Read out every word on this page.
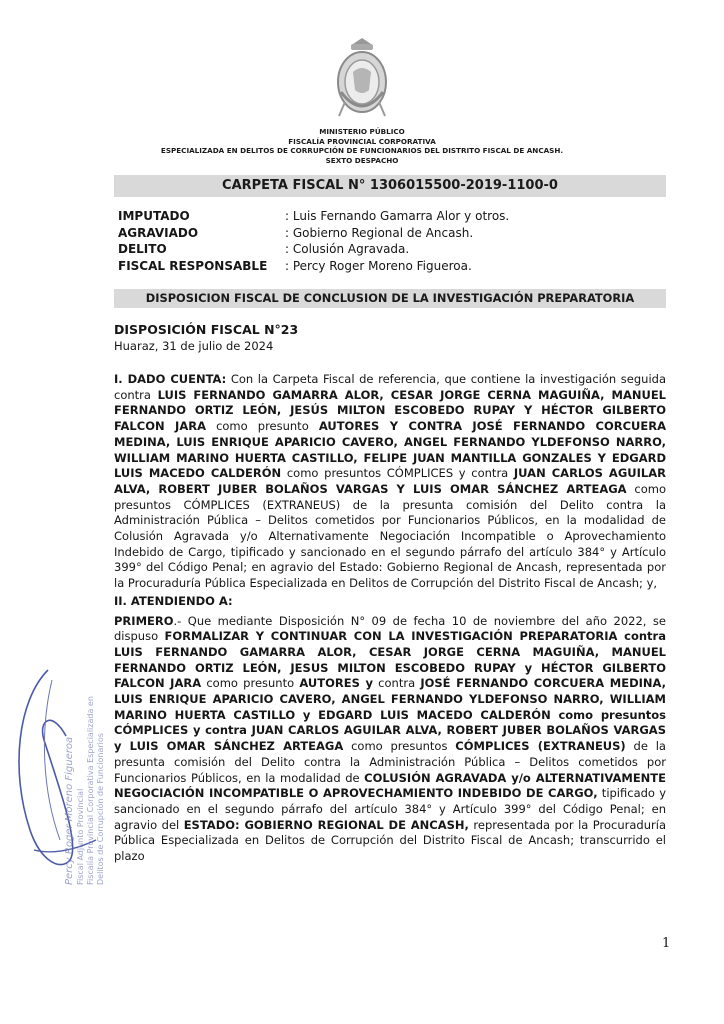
MINISTERIO PÚBLICO
FISCALÍA PROVINCIAL CORPORATIVA
ESPECIALIZADA EN DELITOS DE CORRUPCIÓN DE FUNCIONARIOS DEL DISTRITO FISCAL DE ANCASH.
SEXTO DESPACHO
CARPETA FISCAL N° 1306015500-2019-1100-0
IMPUTADO	: Luis Fernando Gamarra Alor y otros.
AGRAVIADO	: Gobierno Regional de Ancash.
DELITO	: Colusión Agravada.
FISCAL RESPONSABLE : Percy Roger Moreno Figueroa.
DISPOSICION FISCAL DE CONCLUSION DE LA INVESTIGACIÓN PREPARATORIA
DISPOSICIÓN FISCAL N°23
Huaraz, 31 de julio de 2024

I. DADO CUENTA: Con la Carpeta Fiscal de referencia, que contiene la investigación seguida contra LUIS FERNANDO GAMARRA ALOR, CESAR JORGE CERNA MAGUIÑA, MANUEL FERNANDO ORTIZ LEÓN, JESÚS MILTON ESCOBEDO RUPAY Y HÉCTOR GILBERTO FALCON JARA como presunto AUTORES Y CONTRA JOSÉ FERNANDO CORCUERA MEDINA, LUIS ENRIQUE APARICIO CAVERO, ANGEL FERNANDO YLDEFONSO NARRO, WILLIAM MARINO HUERTA CASTILLO, FELIPE JUAN MANTILLA GONZALES Y EDGARD LUIS MACEDO CALDERÓN como presuntos CÓMPLICES y contra JUAN CARLOS AGUILAR ALVA, ROBERT JUBER BOLAÑOS VARGAS Y LUIS OMAR SÁNCHEZ ARTEAGA como presuntos CÓMPLICES (EXTRANEUS) de la presunta comisión del Delito contra la Administración Pública – Delitos cometidos por Funcionarios Públicos, en la modalidad de Colusión Agravada y/o Alternativamente Negociación Incompatible o Aprovechamiento Indebido de Cargo, tipificado y sancionado en el segundo párrafo del artículo 384° y Artículo 399° del Código Penal; en agravio del Estado: Gobierno Regional de Ancash, representada por la Procuraduría Pública Especializada en Delitos de Corrupción del Distrito Fiscal de Ancash; y,

II. ATENDIENDO A:

PRIMERO.- Que mediante Disposición N° 09 de fecha 10 de noviembre del año 2022, se dispuso FORMALIZAR Y CONTINUAR CON LA INVESTIGACIÓN PREPARATORIA contra LUIS FERNANDO GAMARRA ALOR, CESAR JORGE CERNA MAGUIÑA, MANUEL FERNANDO ORTIZ LEÓN, JESUS MILTON ESCOBEDO RUPAY y HÉCTOR GILBERTO FALCON JARA como presunto AUTORES y contra JOSÉ FERNANDO CORCUERA MEDINA, LUIS ENRIQUE APARICIO CAVERO, ANGEL FERNANDO YLDEFONSO NARRO, WILLIAM MARINO HUERTA CASTILLO y EDGARD LUIS MACEDO CALDERÓN como presuntos CÓMPLICES y contra JUAN CARLOS AGUILAR ALVA, ROBERT JUBER BOLAÑOS VARGAS y LUIS OMAR SÁNCHEZ ARTEAGA como presuntos CÓMPLICES (EXTRANEUS) de la presunta comisión del Delito contra la Administración Pública – Delitos cometidos por Funcionarios Públicos, en la modalidad de COLUSIÓN AGRAVADA y/o ALTERNATIVAMENTE NEGOCIACIÓN INCOMPATIBLE O APROVECHAMIENTO INDEBIDO DE CARGO, tipificado y sancionado en el segundo párrafo del artículo 384° y Artículo 399° del Código Penal; en agravio del ESTADO: GOBIERNO REGIONAL DE ANCASH, representada por la Procuraduría Pública Especializada en Delitos de Corrupción del Distrito Fiscal de Ancash; transcurrido el plazo

Percy Roger Moreno Figueroa Fiscal Adjunto Provincial Fiscalía Provincial Corporativa Especializada en Delitos de Corrupción de Funcionarios
1
